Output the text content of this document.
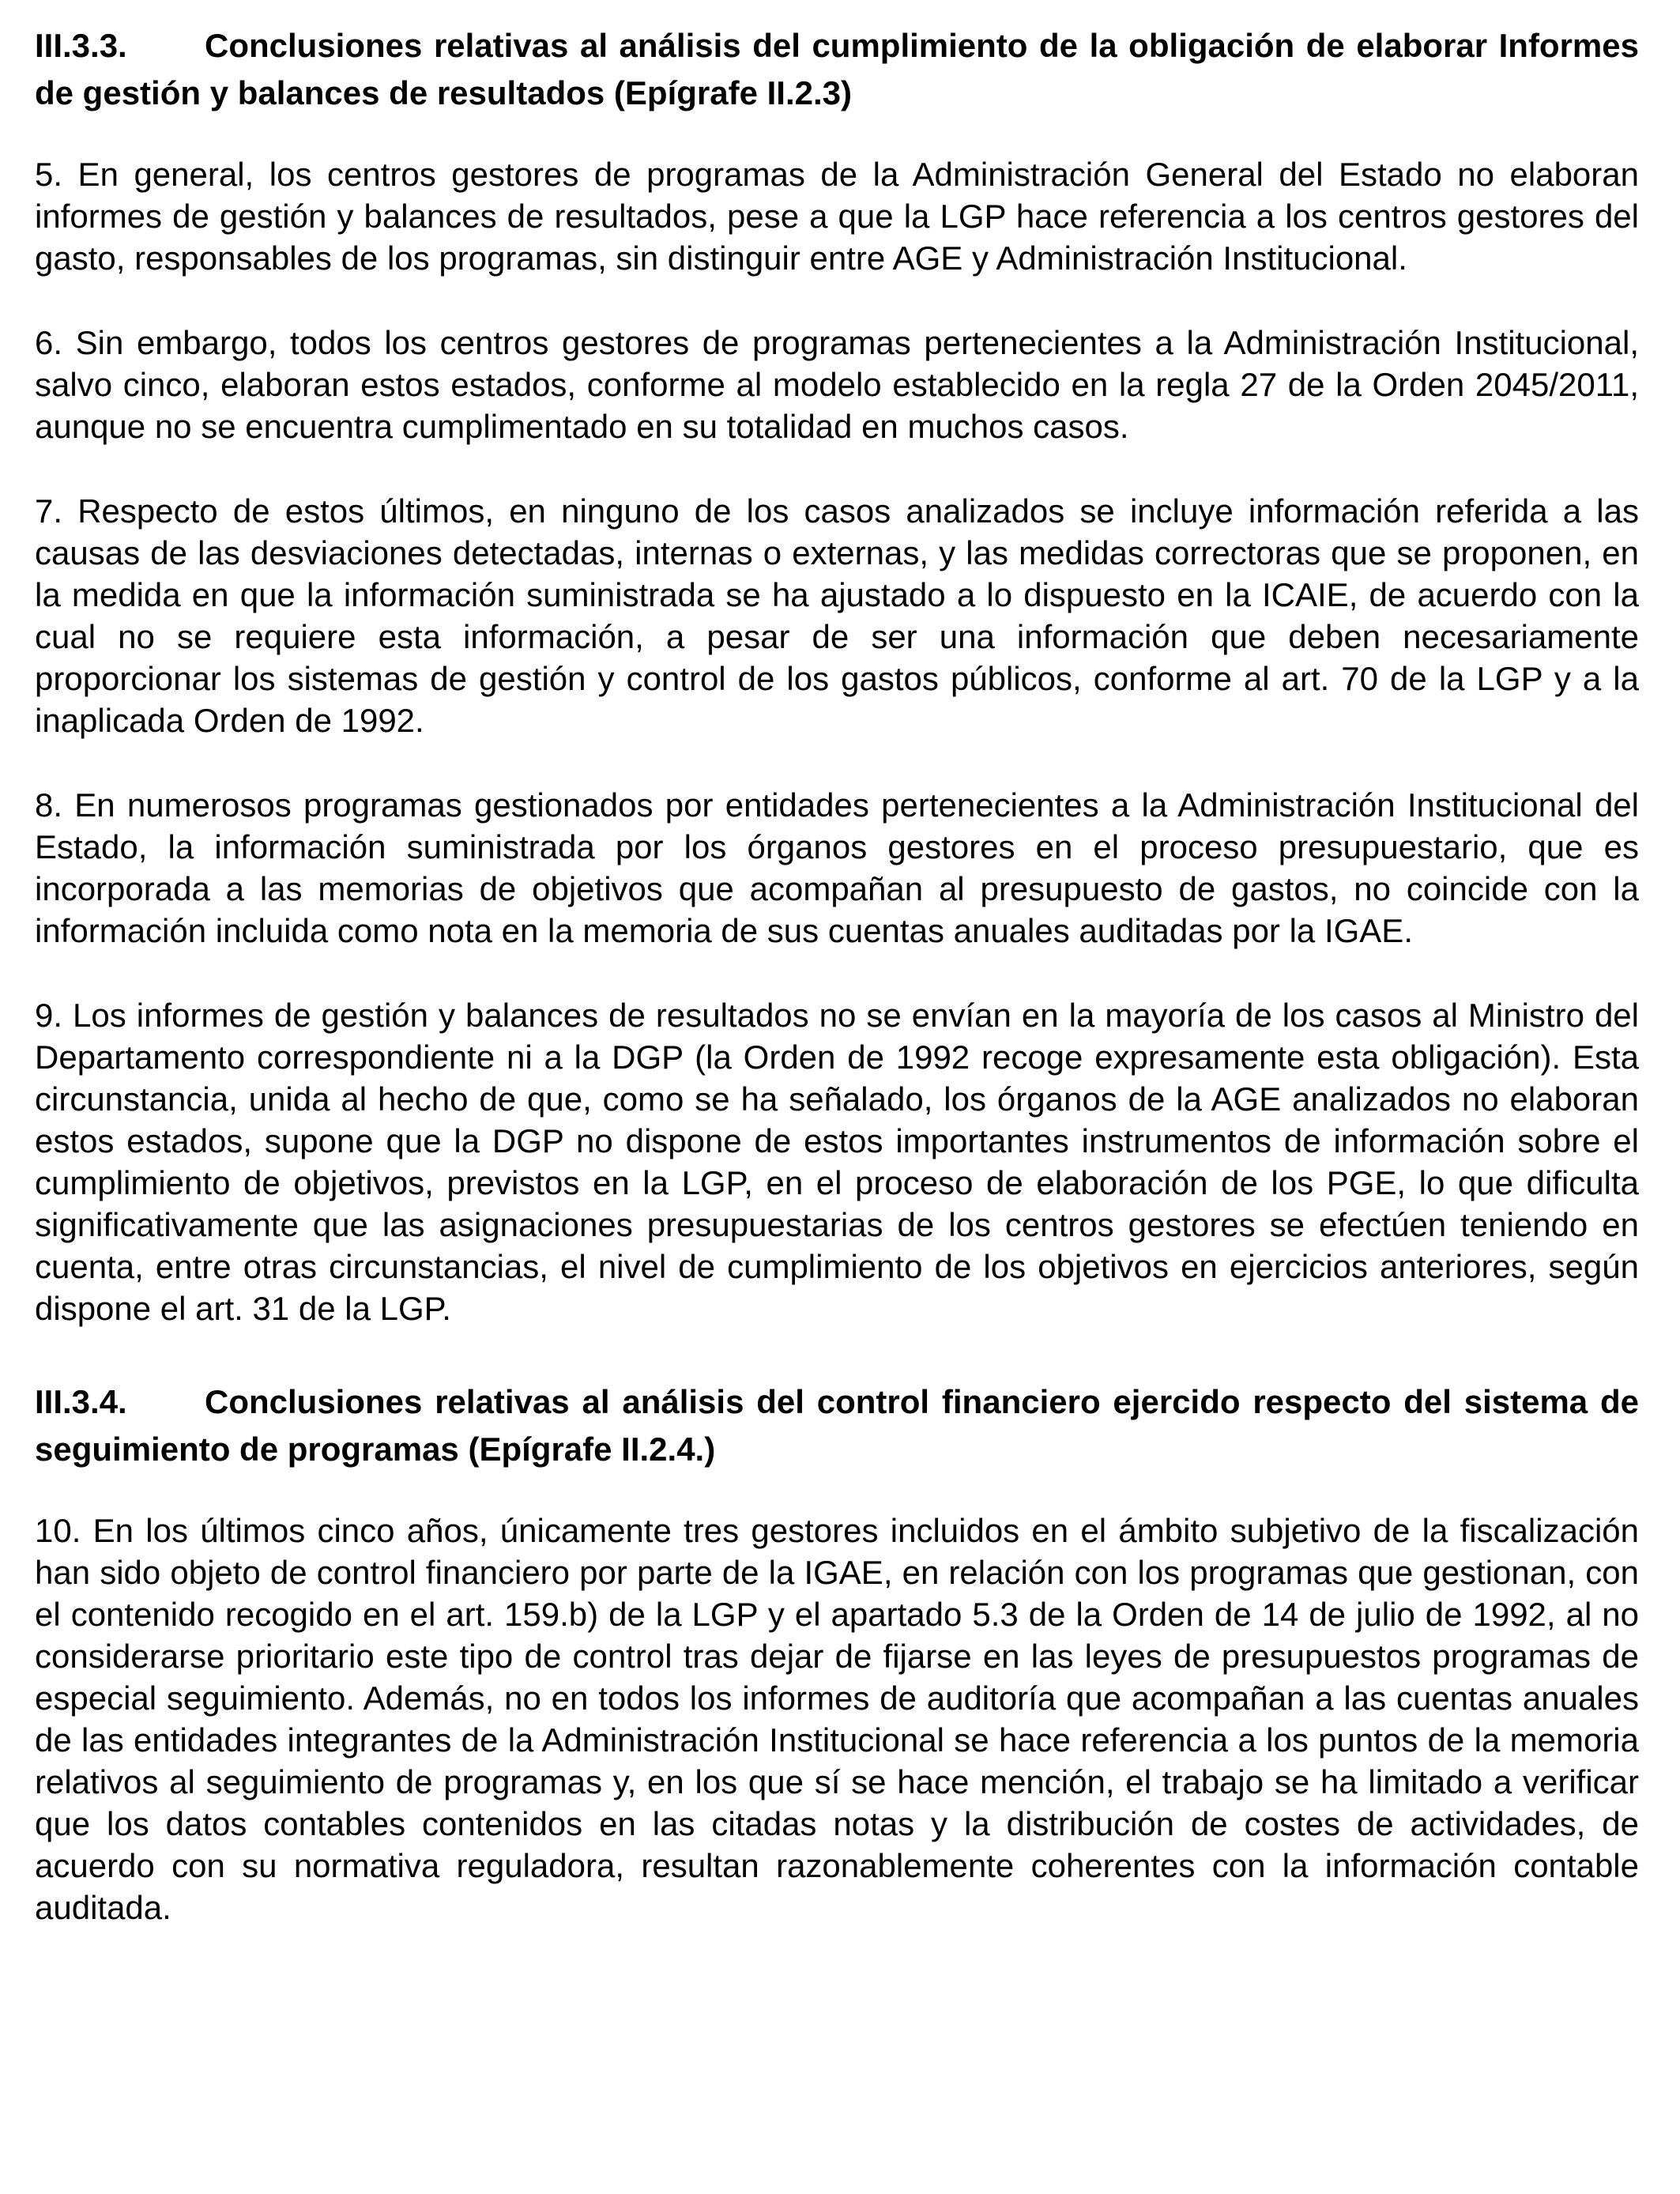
III.3.3. Conclusiones relativas al análisis del cumplimiento de la obligación de elaborar Informes de gestión y balances de resultados (Epígrafe II.2.3)

5. En general, los centros gestores de programas de la Administración General del Estado no elaboran informes de gestión y balances de resultados, pese a que la LGP hace referencia a los centros gestores del gasto, responsables de los programas, sin distinguir entre AGE y Administración Institucional.

6. Sin embargo, todos los centros gestores de programas pertenecientes a la Administración Institucional, salvo cinco, elaboran estos estados, conforme al modelo establecido en la regla 27 de la Orden 2045/2011, aunque no se encuentra cumplimentado en su totalidad en muchos casos.

7. Respecto de estos últimos, en ninguno de los casos analizados se incluye información referida a las causas de las desviaciones detectadas, internas o externas, y las medidas correctoras que se proponen, en la medida en que la información suministrada se ha ajustado a lo dispuesto en la ICAIE, de acuerdo con la cual no se requiere esta información, a pesar de ser una información que deben necesariamente proporcionar los sistemas de gestión y control de los gastos públicos, conforme al art. 70 de la LGP y a la inaplicada Orden de 1992.

8. En numerosos programas gestionados por entidades pertenecientes a la Administración Institucional del Estado, la información suministrada por los órganos gestores en el proceso presupuestario, que es incorporada a las memorias de objetivos que acompañan al presupuesto de gastos, no coincide con la información incluida como nota en la memoria de sus cuentas anuales auditadas por la IGAE.

9. Los informes de gestión y balances de resultados no se envían en la mayoría de los casos al Ministro del Departamento correspondiente ni a la DGP (la Orden de 1992 recoge expresamente esta obligación). Esta circunstancia, unida al hecho de que, como se ha señalado, los órganos de la AGE analizados no elaboran estos estados, supone que la DGP no dispone de estos importantes instrumentos de información sobre el cumplimiento de objetivos, previstos en la LGP, en el proceso de elaboración de los PGE, lo que dificulta significativamente que las asignaciones presupuestarias de los centros gestores se efectúen teniendo en cuenta, entre otras circunstancias, el nivel de cumplimiento de los objetivos en ejercicios anteriores, según dispone el art. 31 de la LGP.

III.3.4. Conclusiones relativas al análisis del control financiero ejercido respecto del sistema de seguimiento de programas (Epígrafe II.2.4.)

10. En los últimos cinco años, únicamente tres gestores incluidos en el ámbito subjetivo de la fiscalización han sido objeto de control financiero por parte de la IGAE, en relación con los programas que gestionan, con el contenido recogido en el art. 159.b) de la LGP y el apartado 5.3 de la Orden de 14 de julio de 1992, al no considerarse prioritario este tipo de control tras dejar de fijarse en las leyes de presupuestos programas de especial seguimiento. Además, no en todos los informes de auditoría que acompañan a las cuentas anuales de las entidades integrantes de la Administración Institucional se hace referencia a los puntos de la memoria relativos al seguimiento de programas y, en los que sí se hace mención, el trabajo se ha limitado a verificar que los datos contables contenidos en las citadas notas y la distribución de costes de actividades, de acuerdo con su normativa reguladora, resultan razonablemente coherentes con la información contable auditada.
